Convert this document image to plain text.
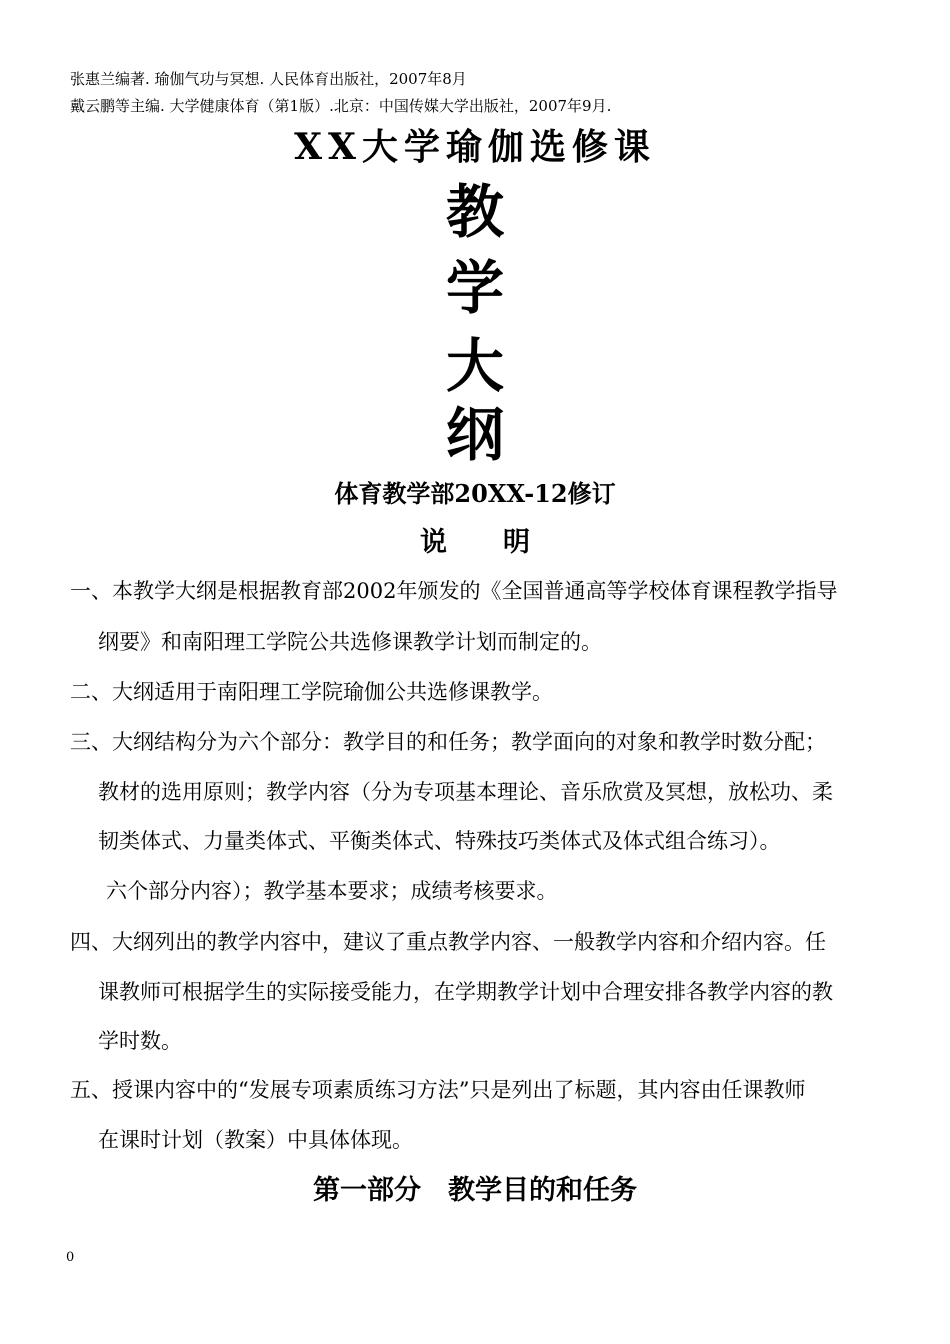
张惠兰编著. 瑜伽气功与冥想. 人民体育出版社，2007年8月
戴云鹏等主编. 大学健康体育（第1版）.北京：中国传媒大学出版社，2007年9月.
XX大学瑜伽选修课
教
学
大
纲
体育教学部20XX-12修订
说明
一、本教学大纲是根据教育部2002年颁发的《全国普通高等学校体育课程教学指导
纲要》和南阳理工学院公共选修课教学计划而制定的。
二、大纲适用于南阳理工学院瑜伽公共选修课教学。
三、大纲结构分为六个部分：教学目的和任务；教学面向的对象和教学时数分配；
教材的选用原则；教学内容（分为专项基本理论、音乐欣赏及冥想，放松功、柔
韧类体式、力量类体式、平衡类体式、特殊技巧类体式及体式组合练习）。
六个部分内容）；教学基本要求；成绩考核要求。
四、大纲列出的教学内容中，建议了重点教学内容、一般教学内容和介绍内容。任
课教师可根据学生的实际接受能力，在学期教学计划中合理安排各教学内容的教
学时数。
五、授课内容中的“发展专项素质练习方法”只是列出了标题，其内容由任课教师
在课时计划（教案）中具体体现。
第一部分　教学目的和任务
0
